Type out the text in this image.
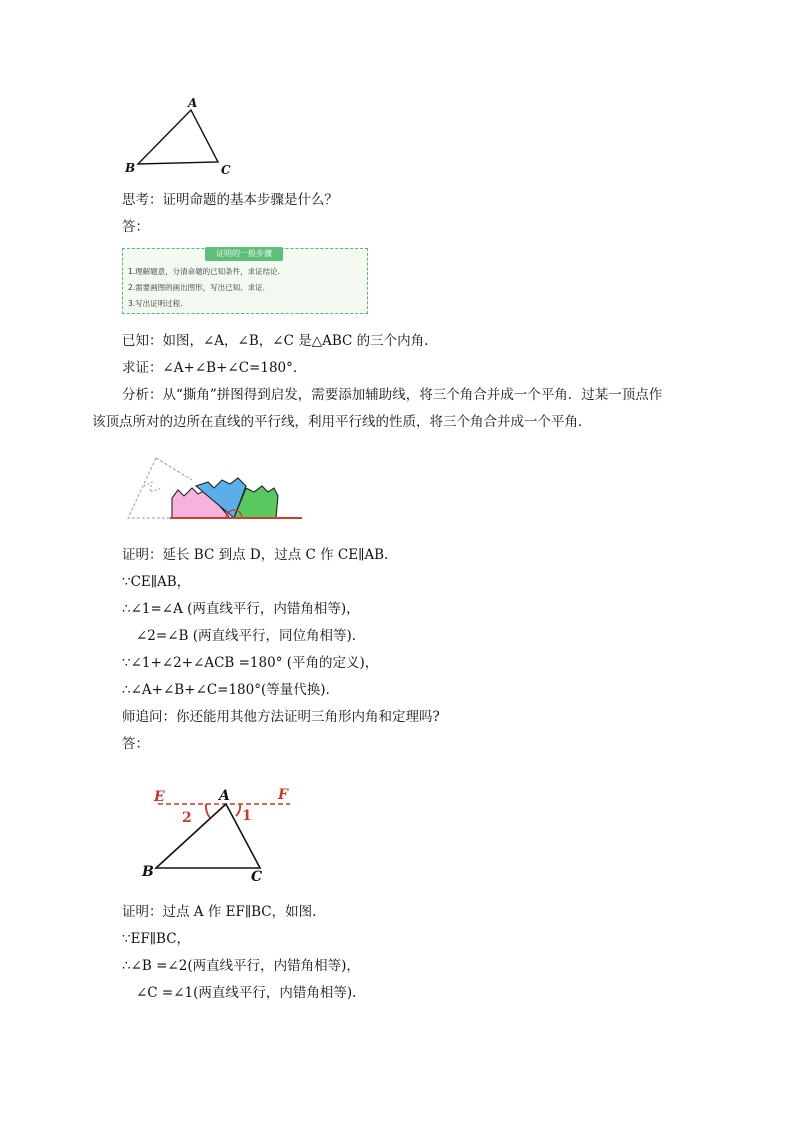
A
B	C
思考：证明命题的基本步骤是什么？
答：
证明的一般步骤
1.理解题意，分清命题的已知条件，求证结论.
2.需要画图的画出图形，写出已知、求证.
3.写出证明过程.
已知：如图，∠A，∠B，∠C 是△ABC 的三个内角.
求证：∠A+∠B+∠C=180°.
分析：从“撕角”拼图得到启发，需要添加辅助线，将三个角合并成一个平角．过某一顶点作
该顶点所对的边所在直线的平行线，利用平行线的性质，将三个角合并成一个平角．
证明：延长 BC 到点 D，过点 C 作 CE∥AB.
∵CE∥AB，
∴∠1=∠A (两直线平行，内错角相等)，
∠2=∠B (两直线平行，同位角相等).
∵∠1+∠2+∠ACB =180° (平角的定义)，
∴∠A+∠B+∠C=180°(等量代换).
师追问：你还能用其他方法证明三角形内角和定理吗?
答：
E	A	F
2	1
B	C
证明：过点 A 作 EF∥BC，如图.
∵EF∥BC，
∴∠B =∠2(两直线平行，内错角相等)，
∠C =∠1(两直线平行，内错角相等).
